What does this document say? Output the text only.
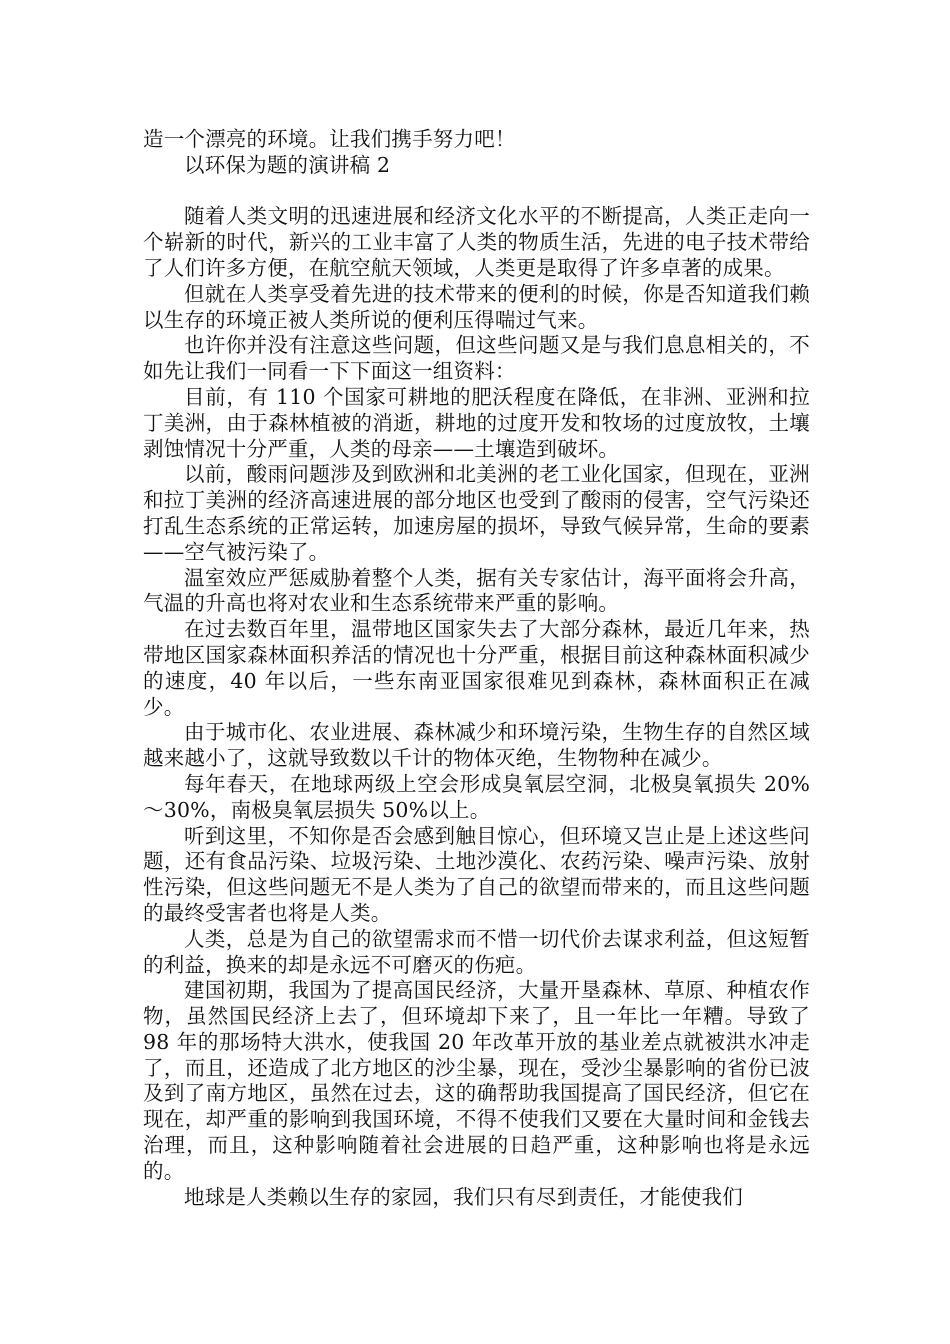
造一个漂亮的环境。让我们携手努力吧！

以环保为题的演讲稿 2

随着人类文明的迅速进展和经济文化水平的不断提高，人类正走向一个崭新的时代，新兴的工业丰富了人类的物质生活，先进的电子技术带给了人们许多方便，在航空航天领域，人类更是取得了许多卓著的成果。

但就在人类享受着先进的技术带来的便利的时候，你是否知道我们赖以生存的环境正被人类所说的便利压得喘过气来。

也许你并没有注意这些问题，但这些问题又是与我们息息相关的，不如先让我们一同看一下下面这一组资料：

目前，有 110 个国家可耕地的肥沃程度在降低，在非洲、亚洲和拉丁美洲，由于森林植被的消逝，耕地的过度开发和牧场的过度放牧，土壤剥蚀情况十分严重，人类的母亲——土壤造到破坏。

以前，酸雨问题涉及到欧洲和北美洲的老工业化国家，但现在，亚洲和拉丁美洲的经济高速进展的部分地区也受到了酸雨的侵害，空气污染还打乱生态系统的正常运转，加速房屋的损坏，导致气候异常，生命的要素——空气被污染了。

温室效应严惩威胁着整个人类，据有关专家估计，海平面将会升高，气温的升高也将对农业和生态系统带来严重的影响。

在过去数百年里，温带地区国家失去了大部分森林，最近几年来，热带地区国家森林面积养活的情况也十分严重，根据目前这种森林面积减少的速度，40 年以后，一些东南亚国家很难见到森林，森林面积正在减少。

由于城市化、农业进展、森林减少和环境污染，生物生存的自然区域越来越小了，这就导致数以千计的物体灭绝，生物物种在减少。

每年春天，在地球两级上空会形成臭氧层空洞，北极臭氧损失 20%～30%，南极臭氧层损失 50%以上。

听到这里，不知你是否会感到触目惊心，但环境又岂止是上述这些问题，还有食品污染、垃圾污染、土地沙漠化、农药污染、噪声污染、放射性污染，但这些问题无不是人类为了自己的欲望而带来的，而且这些问题的最终受害者也将是人类。

人类，总是为自己的欲望需求而不惜一切代价去谋求利益，但这短暂的利益，换来的却是永远不可磨灭的伤疤。

建国初期，我国为了提高国民经济，大量开垦森林、草原、种植农作物，虽然国民经济上去了，但环境却下来了，且一年比一年糟。导致了 98 年的那场特大洪水，使我国 20 年改革开放的基业差点就被洪水冲走了，而且，还造成了北方地区的沙尘暴，现在，受沙尘暴影响的省份已波及到了南方地区，虽然在过去，这的确帮助我国提高了国民经济，但它在现在，却严重的影响到我国环境，不得不使我们又要在大量时间和金钱去治理，而且，这种影响随着社会进展的日趋严重，这种影响也将是永远的。

地球是人类赖以生存的家园，我们只有尽到责任，才能使我们
